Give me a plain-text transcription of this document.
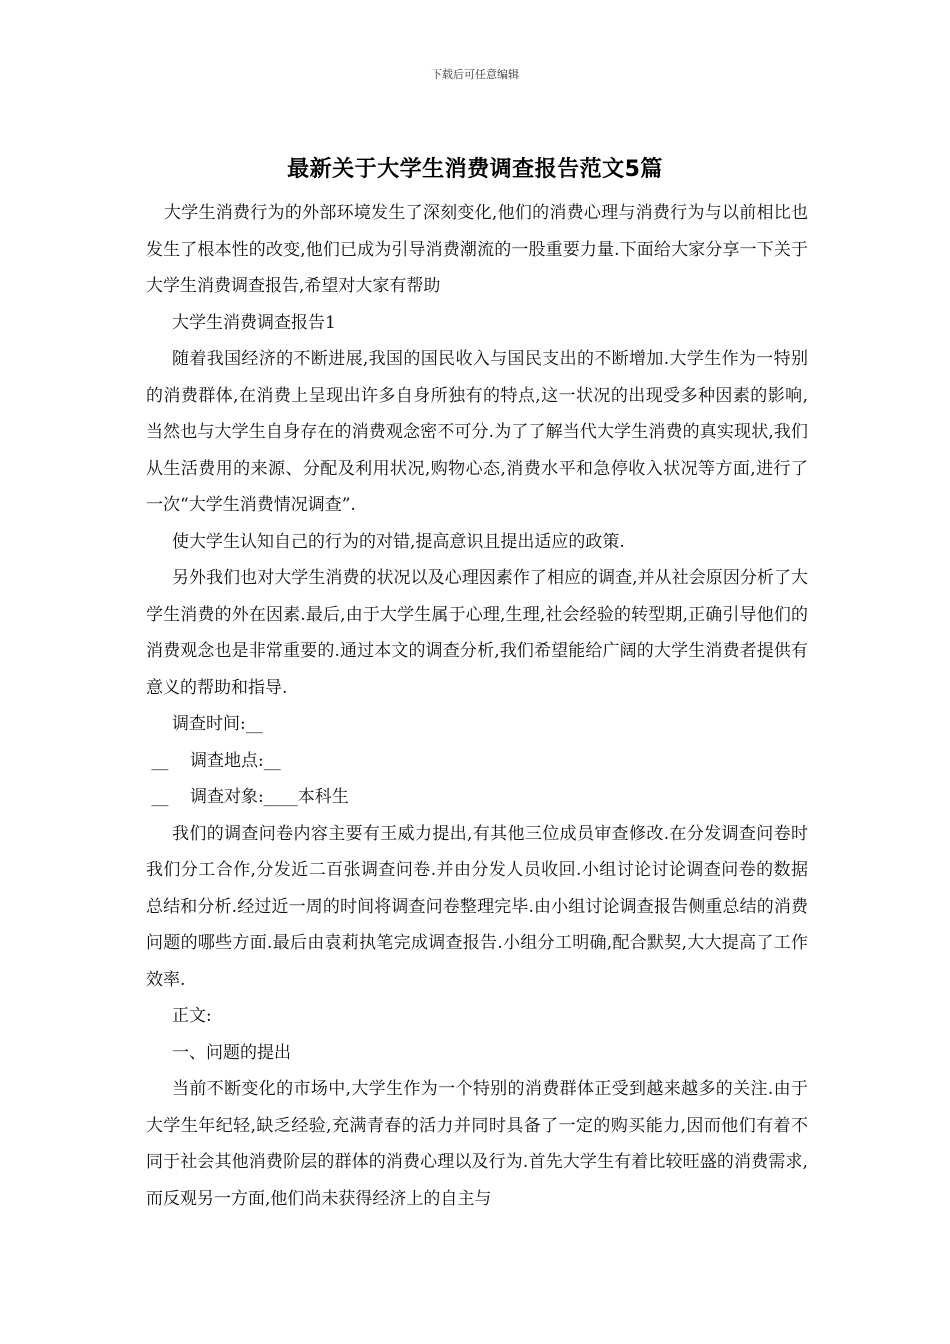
下载后可任意编辑
最新关于大学生消费调查报告范文5篇

大学生消费行为的外部环境发生了深刻变化,他们的消费心理与消费行为与以前相比也发生了根本性的改变,他们已成为引导消费潮流的一股重要力量.下面给大家分享一下关于大学生消费调查报告,希望对大家有帮助

大学生消费调查报告1

随着我国经济的不断进展,我国的国民收入与国民支出的不断增加.大学生作为一特别的消费群体,在消费上呈现出许多自身所独有的特点,这一状况的出现受多种因素的影响,当然也与大学生自身存在的消费观念密不可分.为了了解当代大学生消费的真实现状,我们从生活费用的来源、分配及利用状况,购物心态,消费水平和急停收入状况等方面,进行了一次“大学生消费情况调查”.

使大学生认知自己的行为的对错,提高意识且提出适应的政策.

另外我们也对大学生消费的状况以及心理因素作了相应的调查,并从社会原因分析了大学生消费的外在因素.最后,由于大学生属于心理,生理,社会经验的转型期,正确引导他们的消费观念也是非常重要的.通过本文的调查分析,我们希望能给广阔的大学生消费者提供有意义的帮助和指导.

调查时间:__

__    调查地点:__

__    调查对象:____本科生

我们的调查问卷内容主要有王威力提出,有其他三位成员审查修改.在分发调查问卷时我们分工合作,分发近二百张调查问卷.并由分发人员收回.小组讨论讨论调查问卷的数据总结和分析.经过近一周的时间将调查问卷整理完毕.由小组讨论调查报告侧重总结的消费问题的哪些方面.最后由袁莉执笔完成调查报告.小组分工明确,配合默契,大大提高了工作效率.

正文:

一、问题的提出

当前不断变化的市场中,大学生作为一个特别的消费群体正受到越来越多的关注.由于大学生年纪轻,缺乏经验,充满青春的活力并同时具备了一定的购买能力,因而他们有着不同于社会其他消费阶层的群体的消费心理以及行为.首先大学生有着比较旺盛的消费需求,而反观另一方面,他们尚未获得经济上的自主与
